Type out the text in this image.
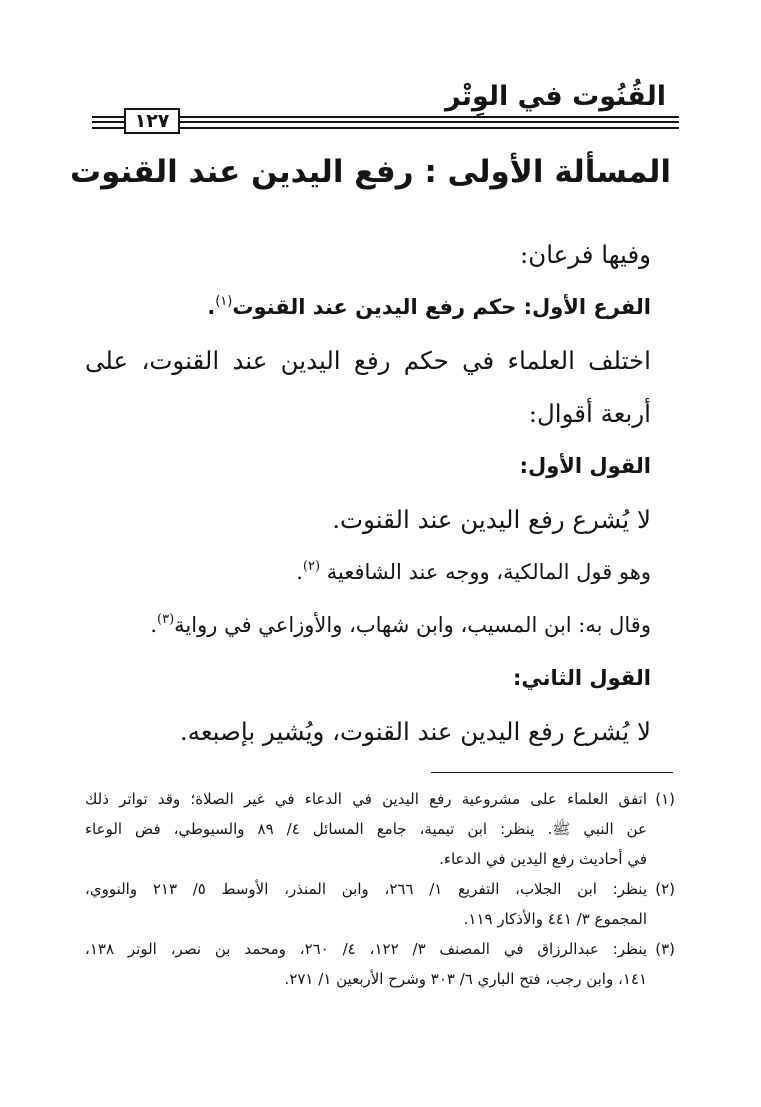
القُنُوت في الوِتْر
١٢٧
المسألة الأولى : رفع اليدين عند القنوت

وفيها فرعان:

الفرع الأول: حكم رفع اليدين عند القنوت$^{(١)}$.

اختلف العلماء في حكم رفع اليدين عند القنوت، على

أربعة أقوال:

القول الأول:

لا يُشرع رفع اليدين عند القنوت.

وهو قول المالكية، ووجه عند الشافعية $^{(٢)}$.

وقال به: ابن المسيب، وابن شهاب، والأوزاعي في رواية$^{(٣)}$.

القول الثاني:

لا يُشرع رفع اليدين عند القنوت، ويُشير بإصبعه.

(١)اتفق العلماء على مشروعية رفع اليدين في الدعاء في غير الصلاة؛ وقد تواتر ذلك

عن النبي ﷺ. ينظر: ابن تيمية، جامع المسائل ٤/ ٨٩ والسيوطي، فض الوعاء

في أحاديث رفع اليدين في الدعاء.

(٢)ينظر: ابن الجلاب، التفريع ١/ ٢٦٦، وابن المنذر، الأوسط ٥/ ٢١٣ والنووي،

المجموع ٣/ ٤٤١ والأذكار ١١٩.

(٣)ينظر: عبدالرزاق في المصنف ٣/ ١٢٢، ٤/ ٢٦٠، ومحمد بن نصر، الوتر ١٣٨،

١٤١، وابن رجب، فتح الباري ٦/ ٣٠٣ وشرح الأربعين ١/ ٢٧١.
